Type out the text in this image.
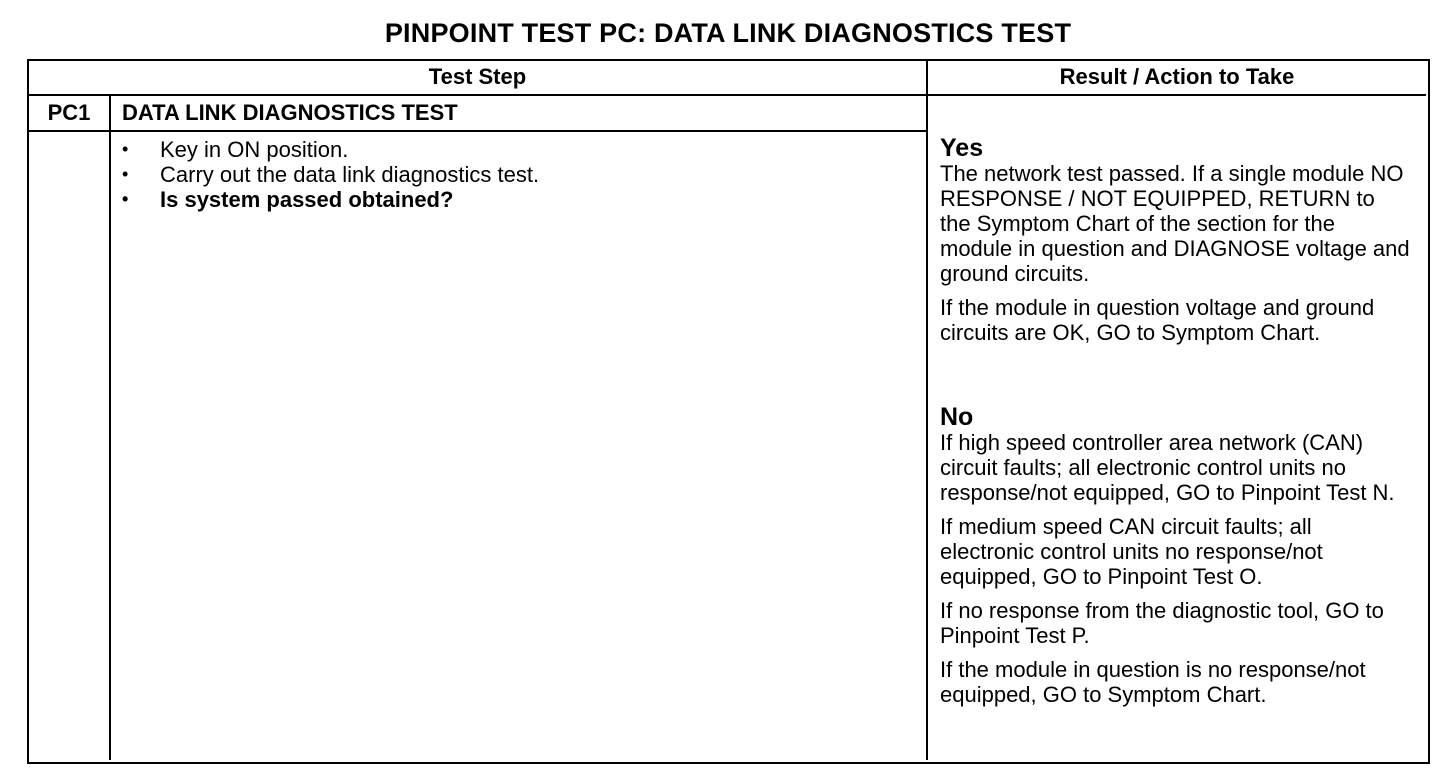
PINPOINT TEST PC: DATA LINK DIAGNOSTICS TEST
Test Step	Result / Action to Take
PC1	DATA LINK DIAGNOSTICS TEST
• Key in ON position.
• Carry out the data link diagnostics test.
• Is system passed obtained?
Yes

The network test passed. If a single module NO RESPONSE / NOT EQUIPPED, RETURN to the Symptom Chart of the section for the module in question and DIAGNOSE voltage and ground circuits.

If the module in question voltage and ground circuits are OK, GO to Symptom Chart.

No

If high speed controller area network (CAN) circuit faults; all electronic control units no response/not equipped, GO to Pinpoint Test N.

If medium speed CAN circuit faults; all electronic control units no response/not equipped, GO to Pinpoint Test O.

If no response from the diagnostic tool, GO to Pinpoint Test P.

If the module in question is no response/not equipped, GO to Symptom Chart.
